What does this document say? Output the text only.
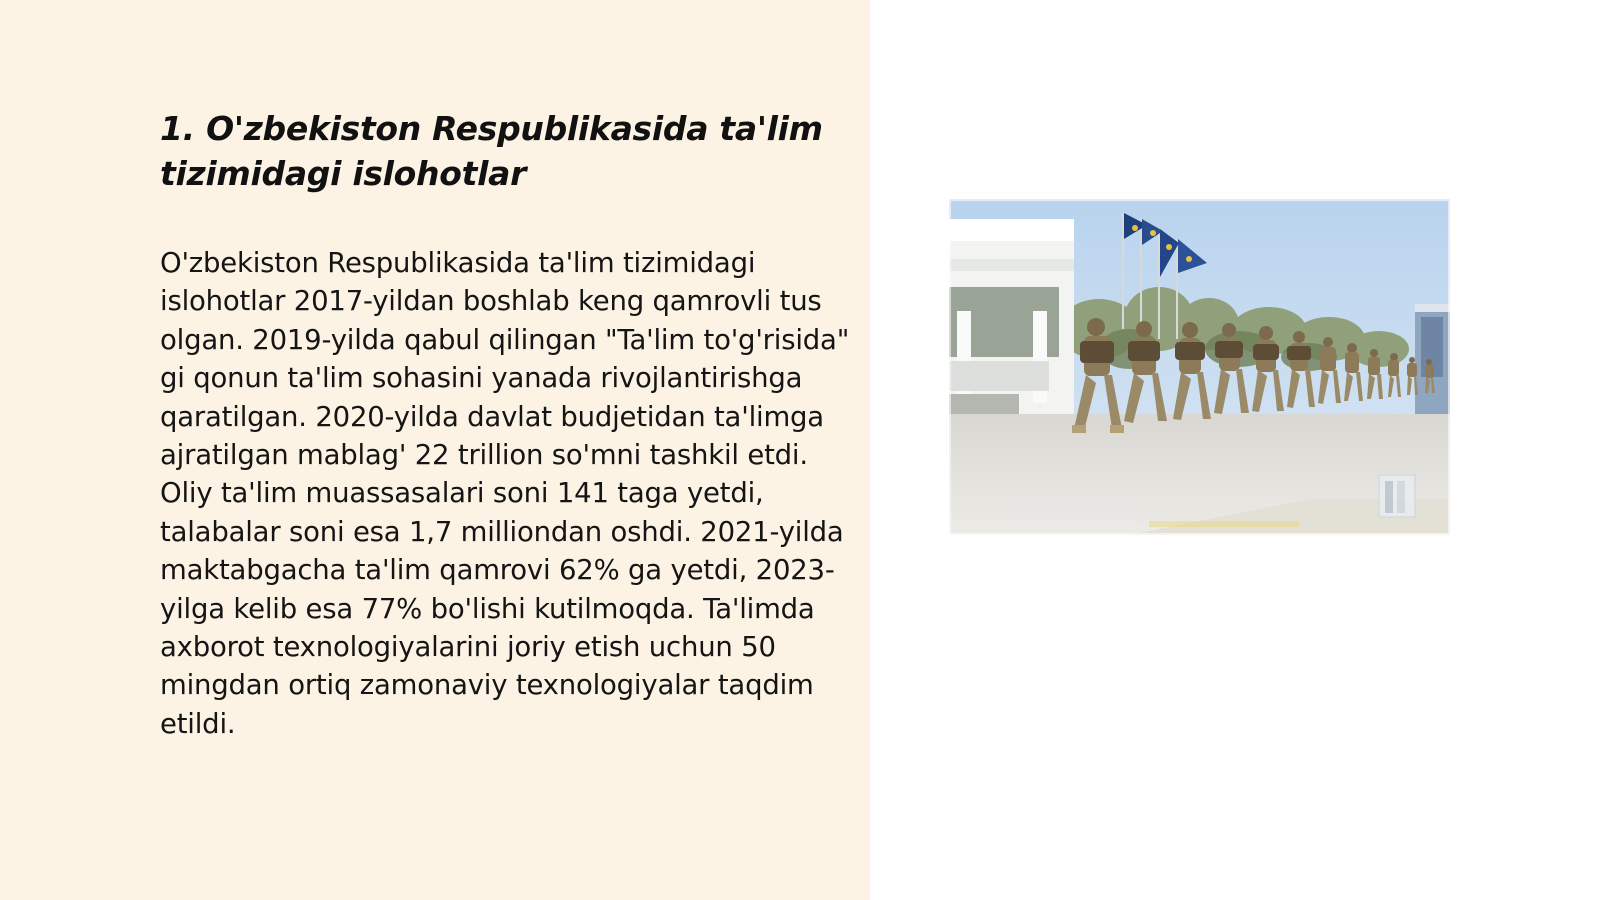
1. O'zbekiston Respublikasida ta'lim tizimidagi islohotlar

O'zbekiston Respublikasida ta'lim tizimidagi islohotlar 2017-yildan boshlab keng qamrovli tus olgan. 2019-yilda qabul qilingan "Ta'lim to'g'risida" gi qonun ta'lim sohasini yanada rivojlantirishga qaratilgan. 2020-yilda davlat budjetidan ta'limga ajratilgan mablag' 22 trillion so'mni tashkil etdi. Oliy ta'lim muassasalari soni 141 taga yetdi, talabalar soni esa 1,7 milliondan oshdi. 2021-yilda maktabgacha ta'lim qamrovi 62% ga yetdi, 2023-yilga kelib esa 77% bo'lishi kutilmoqda. Ta'limda axborot texnologiyalarini joriy etish uchun 50 mingdan ortiq zamonaviy texnologiyalar taqdim etildi.
